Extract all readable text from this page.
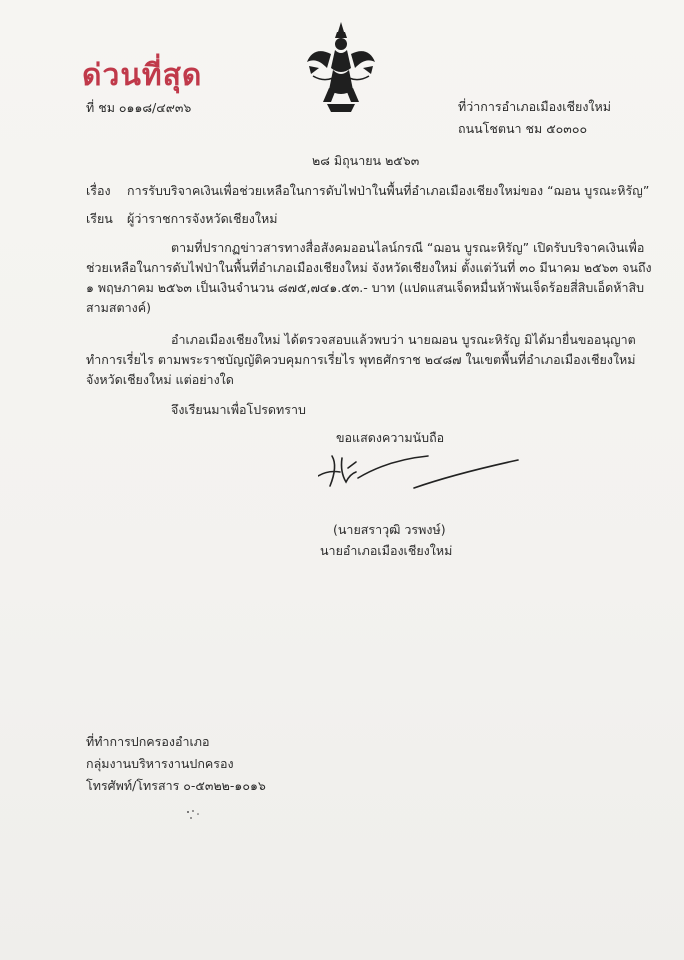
ด่วนที่สุด
ที่ ชม ๐๑๑๘/๔๙๓๖	ที่ว่าการอำเภอเมืองเชียงใหม่
ถนนโชตนา ชม ๕๐๓๐๐
๒๘ มิถุนายน ๒๕๖๓
เรื่อง การรับบริจาคเงินเพื่อช่วยเหลือในการดับไฟป่าในพื้นที่อำเภอเมืองเชียงใหม่ของ “ฌอน บูรณะหิรัญ”
เรียน ผู้ว่าราชการจังหวัดเชียงใหม่
ตามที่ปรากฏข่าวสารทางสื่อสังคมออนไลน์กรณี “ฌอน บูรณะหิรัญ” เปิดรับบริจาคเงินเพื่อ
ช่วยเหลือในการดับไฟป่าในพื้นที่อำเภอเมืองเชียงใหม่ จังหวัดเชียงใหม่ ตั้งแต่วันที่ ๓๐ มีนาคม ๒๕๖๓ จนถึง
๑ พฤษภาคม ๒๕๖๓ เป็นเงินจำนวน ๘๗๕,๗๔๑.๕๓.- บาท (แปดแสนเจ็ดหมื่นห้าพันเจ็ดร้อยสี่สิบเอ็ดห้าสิบ
สามสตางค์)
อำเภอเมืองเชียงใหม่ ได้ตรวจสอบแล้วพบว่า นายฌอน บูรณะหิรัญ มิได้มายื่นขออนุญาต
ทำการเรี่ยไร ตามพระราชบัญญัติควบคุมการเรี่ยไร พุทธศักราช ๒๔๘๗ ในเขตพื้นที่อำเภอเมืองเชียงใหม่
จังหวัดเชียงใหม่ แต่อย่างใด
จึงเรียนมาเพื่อโปรดทราบ
ขอแสดงความนับถือ
(นายสราวุฒิ วรพงษ์)
นายอำเภอเมืองเชียงใหม่
ที่ทำการปกครองอำเภอ
กลุ่มงานบริหารงานปกครอง
โทรศัพท์/โทรสาร ๐-๕๓๒๒-๑๐๑๖
